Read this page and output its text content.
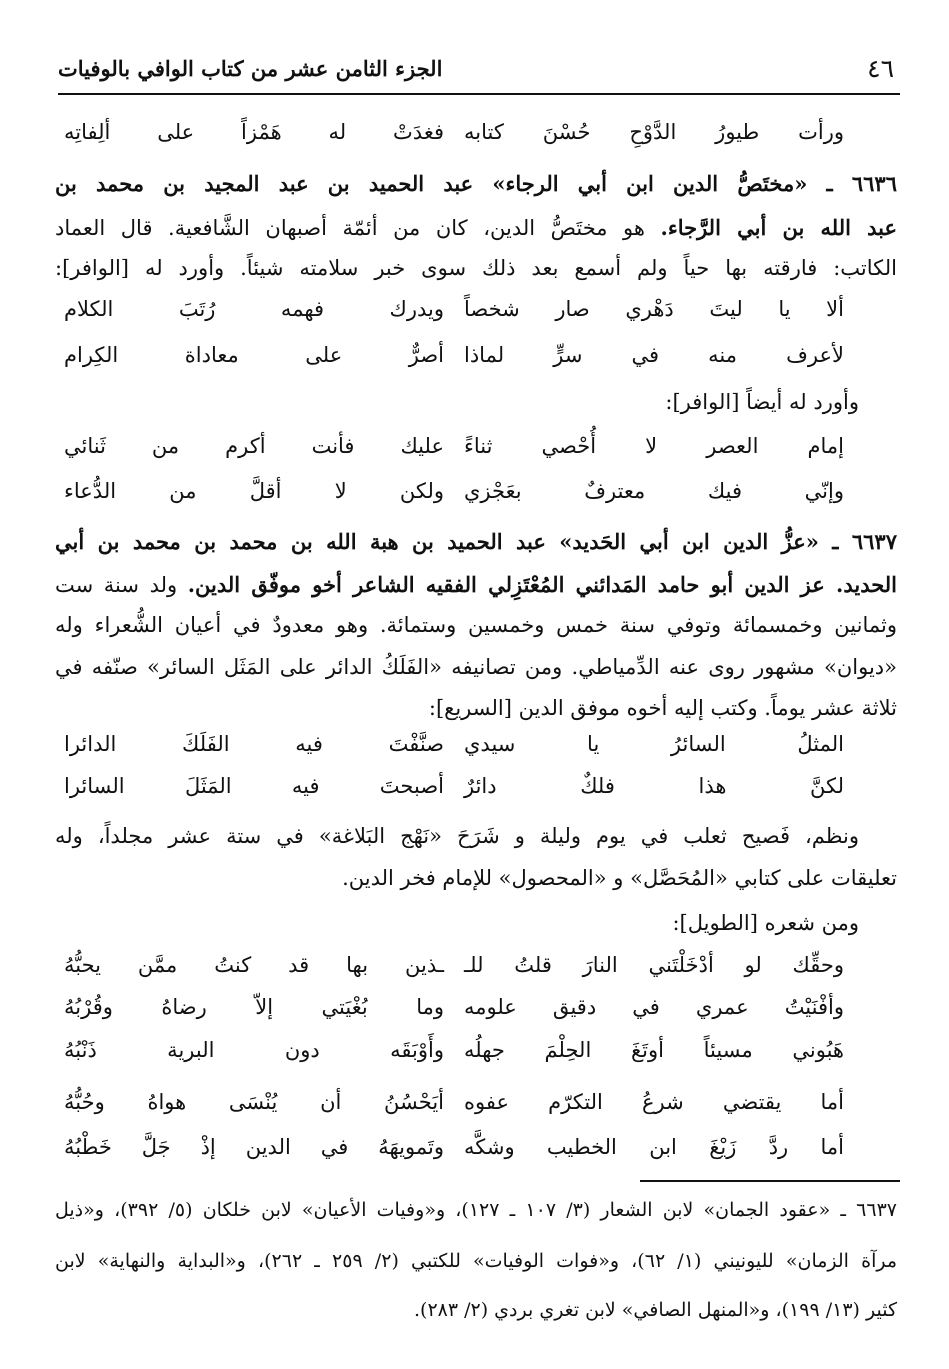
٤٦
الجزء الثامن عشر من كتاب الوافي بالوفيات
ورأت طيورُ الدَّوْحِ حُسْنَ كتابه
فغدَتْ له هَمْزاً على ألِفاتِه
٦٦٣٦ ـ «مختَصُّ الدين ابن أبي الرجاء» عبد الحميد بن عبد المجيد بن محمد بن
عبد الله بن أبي الرَّجاء. هو مختَصُّ الدين، كان من أئمّة أصبهان الشَّافعية. قال العماد
الكاتب: فارقته بها حياً ولم أسمع بعد ذلك سوى خبر سلامته شيئاً. وأورد له [الوافر]:
ألا يا ليتَ دَهْري صار شخصاً
ويدرك فهمه رُتَبَ الكلام
لأعرف منه في سرٍّ لماذا
أصرٌّ على معاداة الكِرام
وأورد له أيضاً [الوافر]:
إمام العصر لا أُحْصي ثناءً
عليك فأنت أكرم من ثَنائي
وإنّي فيك معترفٌ بعَجْزي
ولكن لا أقلَّ من الدُّعاء
٦٦٣٧ ـ «عزُّ الدين ابن أبي الحَديد» عبد الحميد بن هبة الله بن محمد بن محمد بن أبي
الحديد. عز الدين أبو حامد المَدائني المُعْتَزِلي الفقيه الشاعر أخو موفّق الدين. ولد سنة ست
وثمانين وخمسمائة وتوفي سنة خمس وخمسين وستمائة. وهو معدودٌ في أعيان الشُّعراء وله
«ديوان» مشهور روى عنه الدِّمياطي. ومن تصانيفه «الفَلَكُ الدائر على المَثَل السائر» صنّفه في
ثلاثة عشر يوماً. وكتب إليه أخوه موفق الدين [السريع]:
المثلُ السائرُ يا سيدي
صنَّفْتَ فيه الفَلَكَ الدائرا
لكنَّ هذا فلكٌ دائرٌ
أصبحتَ فيه المَثَلَ السائرا
ونظم، فَصيح ثعلب في يوم وليلة و شَرَحَ «نَهْج البَلاغة» في ستة عشر مجلداً، وله
تعليقات على كتابي «المُحَصَّل» و «المحصول» للإمام فخر الدين.
ومن شعره [الطويل]:
وحقِّك لو أدْخَلْتَني النارَ قلتُ للـ
ـذين بها قد كنتُ ممَّن يحبُّهُ
وأفْنَيْتُ عمري في دقيق علومه
وما بُغْيَتي إلاّ رضاهُ وقُرْبُهُ
هَبُوني مسيئاً أوتَغَ الحِلْمَ جهلُه
وأَوْبَقَه دون البرية ذَنْبُهُ
أما يقتضي شرعُ التكرّم عفوه
أيَحْسُنُ أن يُنْسَى هواهُ وحُبُّهُ
أما ردَّ زَيْغَ ابن الخطيب وشكَّه
وتَمويهَهُ في الدين إذْ جَلَّ خَطْبُهُ
٦٦٣٧ ـ «عقود الجمان» لابن الشعار (٣/ ١٠٧ ـ ١٢٧)، و«وفيات الأعيان» لابن خلكان (٥/ ٣٩٢)، و«ذيل
مرآة الزمان» لليونيني (١/ ٦٢)، و«فوات الوفيات» للكتبي (٢/ ٢٥٩ ـ ٢٦٢)، و«البداية والنهاية» لابن
كثير (١٣/ ١٩٩)، و«المنهل الصافي» لابن تغري بردي (٢/ ٢٨٣).
